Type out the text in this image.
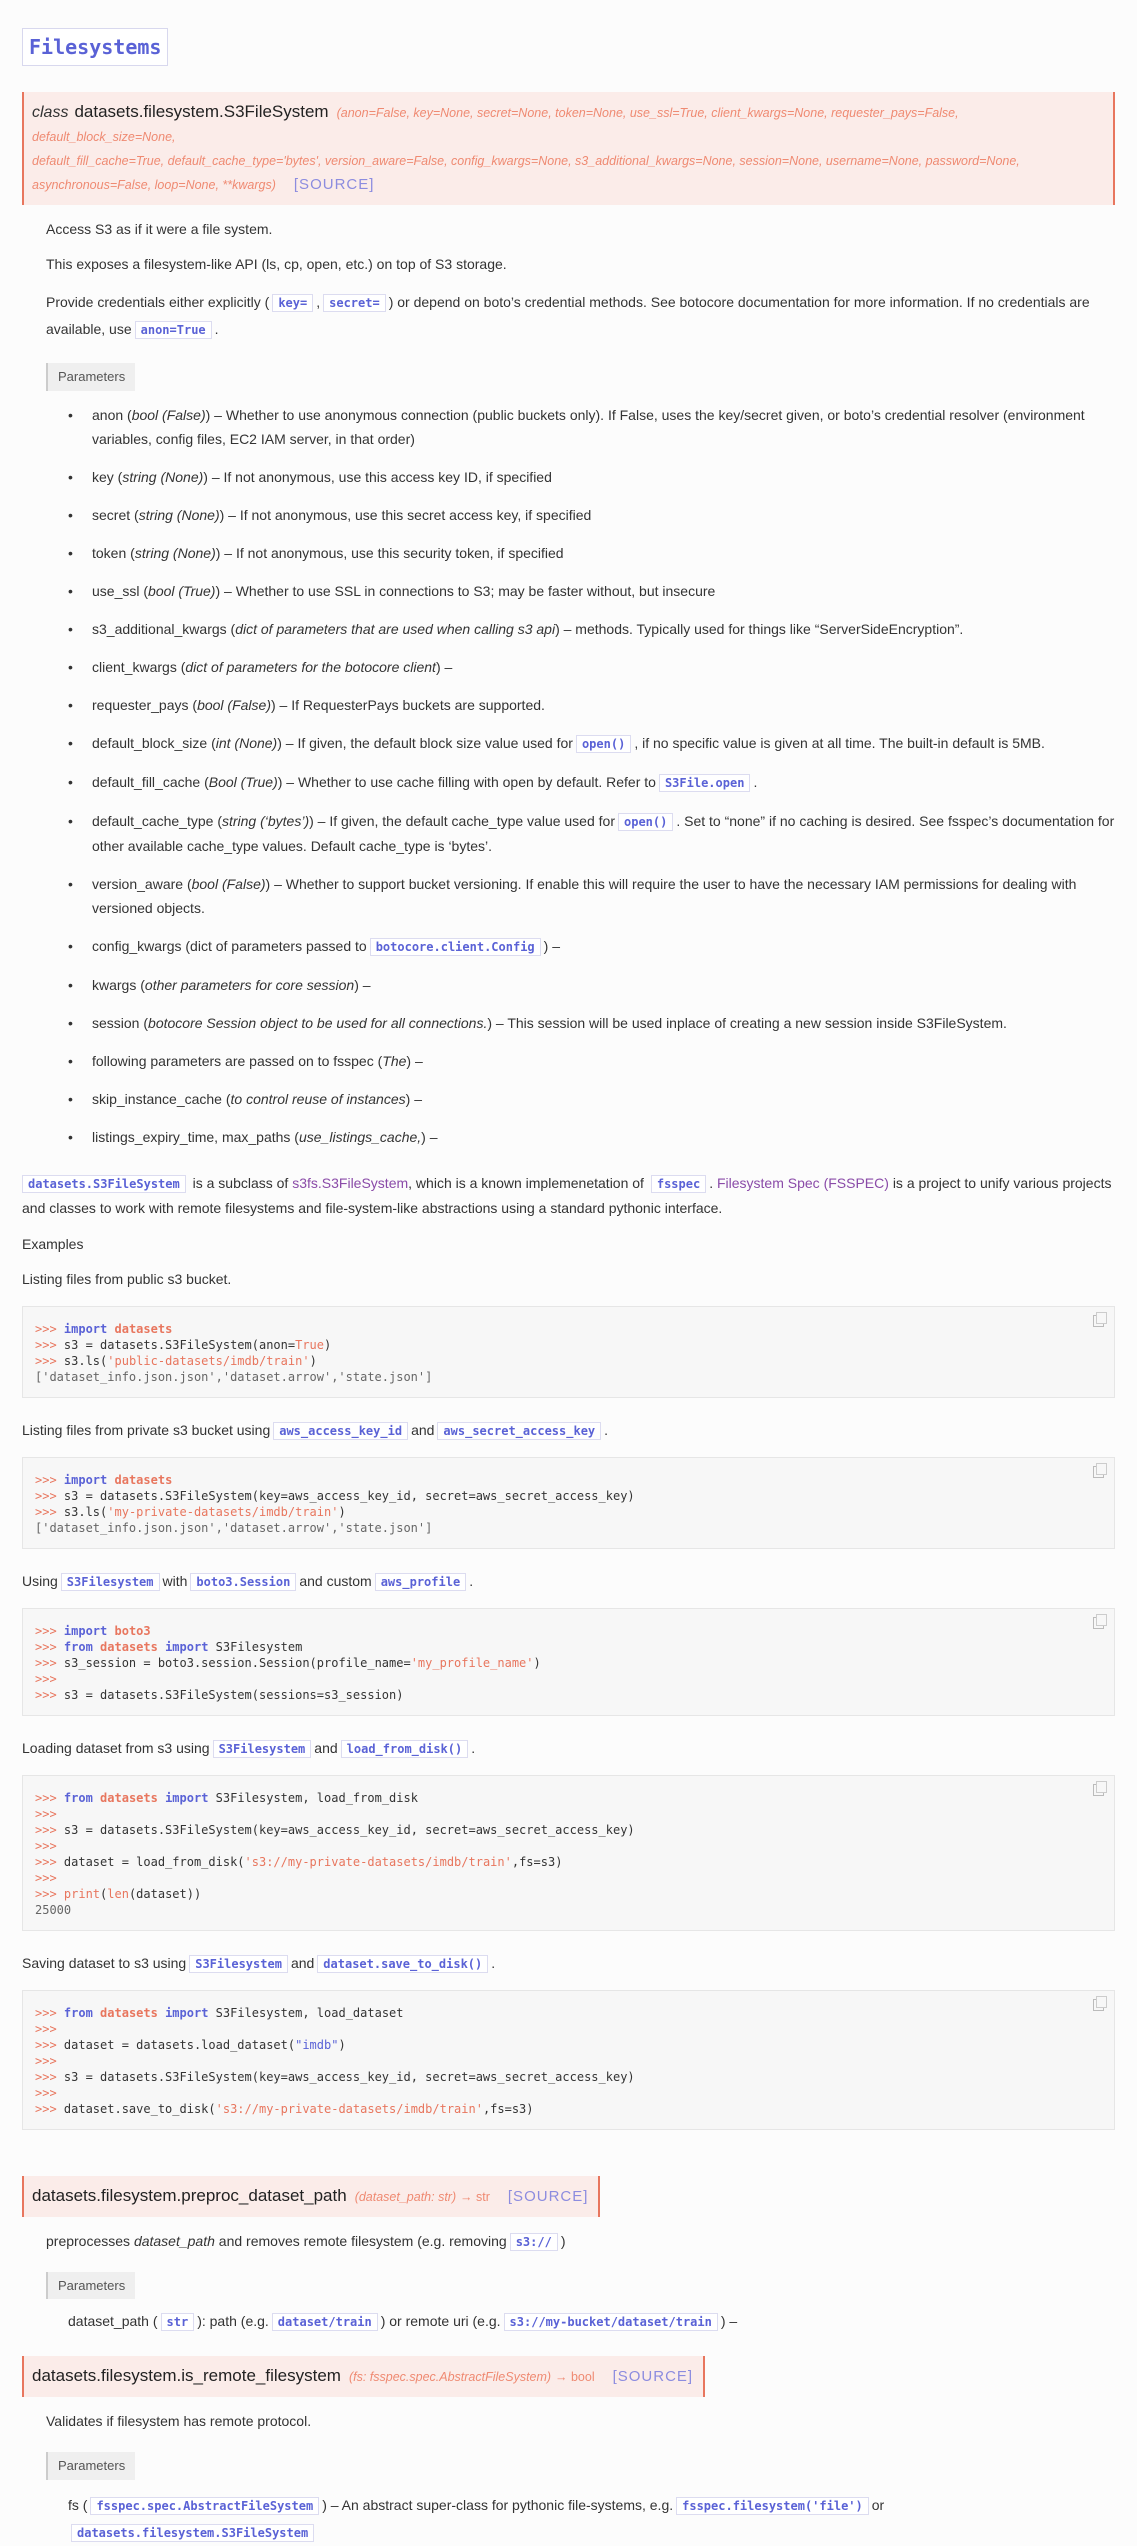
Filesystems
class datasets.filesystem.S3FileSystem (anon=False, key=None, secret=None, token=None, use_ssl=True, client_kwargs=None, requester_pays=False, default_block_size=None,
default_fill_cache=True, default_cache_type='bytes', version_aware=False, config_kwargs=None, s3_additional_kwargs=None, session=None, username=None, password=None,
asynchronous=False, loop=None, **kwargs) [SOURCE]

Access S3 as if it were a file system.

This exposes a filesystem-like API (ls, cp, open, etc.) on top of S3 storage.

Provide credentials either explicitly ( key= , secret= ) or depend on boto’s credential methods. See botocore documentation for more information. If no credentials are available, use anon=True .

Parameters
• anon (bool (False)) – Whether to use anonymous connection (public buckets only). If False, uses the key/secret given, or boto’s credential resolver (environment variables, config files, EC2 IAM server, in that order)
• key (string (None)) – If not anonymous, use this access key ID, if specified
• secret (string (None)) – If not anonymous, use this secret access key, if specified
• token (string (None)) – If not anonymous, use this security token, if specified
• use_ssl (bool (True)) – Whether to use SSL in connections to S3; may be faster without, but insecure
• s3_additional_kwargs (dict of parameters that are used when calling s3 api) – methods. Typically used for things like “ServerSideEncryption”.
• client_kwargs (dict of parameters for the botocore client) –
• requester_pays (bool (False)) – If RequesterPays buckets are supported.
• default_block_size (int (None)) – If given, the default block size value used for open() , if no specific value is given at all time. The built-in default is 5MB.
• default_fill_cache (Bool (True)) – Whether to use cache filling with open by default. Refer to S3File.open .
• default_cache_type (string (‘bytes’)) – If given, the default cache_type value used for open() . Set to “none” if no caching is desired. See fsspec’s documentation for other available cache_type values. Default cache_type is ‘bytes’.
• version_aware (bool (False)) – Whether to support bucket versioning. If enable this will require the user to have the necessary IAM permissions for dealing with versioned objects.
• config_kwargs (dict of parameters passed to botocore.client.Config ) –
• kwargs (other parameters for core session) –
• session (botocore Session object to be used for all connections.) – This session will be used inplace of creating a new session inside S3FileSystem.
• following parameters are passed on to fsspec (The) –
• skip_instance_cache (to control reuse of instances) –
• listings_expiry_time, max_paths (use_listings_cache,) –

datasets.S3FileSystem is a subclass of s3fs.S3FileSystem, which is a known implemenetation of fsspec . Filesystem Spec (FSSPEC) is a project to unify various projects and classes to work with remote filesystems and file-system-like abstractions using a standard pythonic interface.

Examples

Listing files from public s3 bucket.

>>> import datasets
>>> s3 = datasets.S3FileSystem(anon=True)
>>> s3.ls('public-datasets/imdb/train')
['dataset_info.json.json','dataset.arrow','state.json']

Listing files from private s3 bucket using aws_access_key_id and aws_secret_access_key .

>>> import datasets
>>> s3 = datasets.S3FileSystem(key=aws_access_key_id, secret=aws_secret_access_key)
>>> s3.ls('my-private-datasets/imdb/train')
['dataset_info.json.json','dataset.arrow','state.json']

Using S3Filesystem with boto3.Session and custom aws_profile .

>>> import boto3
>>> from datasets import S3Filesystem
>>> s3_session = boto3.session.Session(profile_name='my_profile_name')
>>>
>>> s3 = datasets.S3FileSystem(sessions=s3_session)

Loading dataset from s3 using S3Filesystem and load_from_disk() .

>>> from datasets import S3Filesystem, load_from_disk
>>>
>>> s3 = datasets.S3FileSystem(key=aws_access_key_id, secret=aws_secret_access_key)
>>>
>>> dataset = load_from_disk('s3://my-private-datasets/imdb/train',fs=s3)
>>>
>>> print(len(dataset))
25000

Saving dataset to s3 using S3Filesystem and dataset.save_to_disk() .

>>> from datasets import S3Filesystem, load_dataset
>>>
>>> dataset = datasets.load_dataset("imdb")
>>>
>>> s3 = datasets.S3FileSystem(key=aws_access_key_id, secret=aws_secret_access_key)
>>>
>>> dataset.save_to_disk('s3://my-private-datasets/imdb/train',fs=s3)
datasets.filesystem.preproc_dataset_path (dataset_path: str) → str [SOURCE]

preprocesses dataset_path and removes remote filesystem (e.g. removing s3:// )

Parameters
dataset_path ( str ): path (e.g. dataset/train ) or remote uri (e.g. s3://my-bucket/dataset/train ) –
datasets.filesystem.is_remote_filesystem (fs: fsspec.spec.AbstractFileSystem) → bool [SOURCE]

Validates if filesystem has remote protocol.

Parameters
fs ( fsspec.spec.AbstractFileSystem ) – An abstract super-class for pythonic file-systems, e.g. fsspec.filesystem('file') or
datasets.filesystem.S3FileSystem
